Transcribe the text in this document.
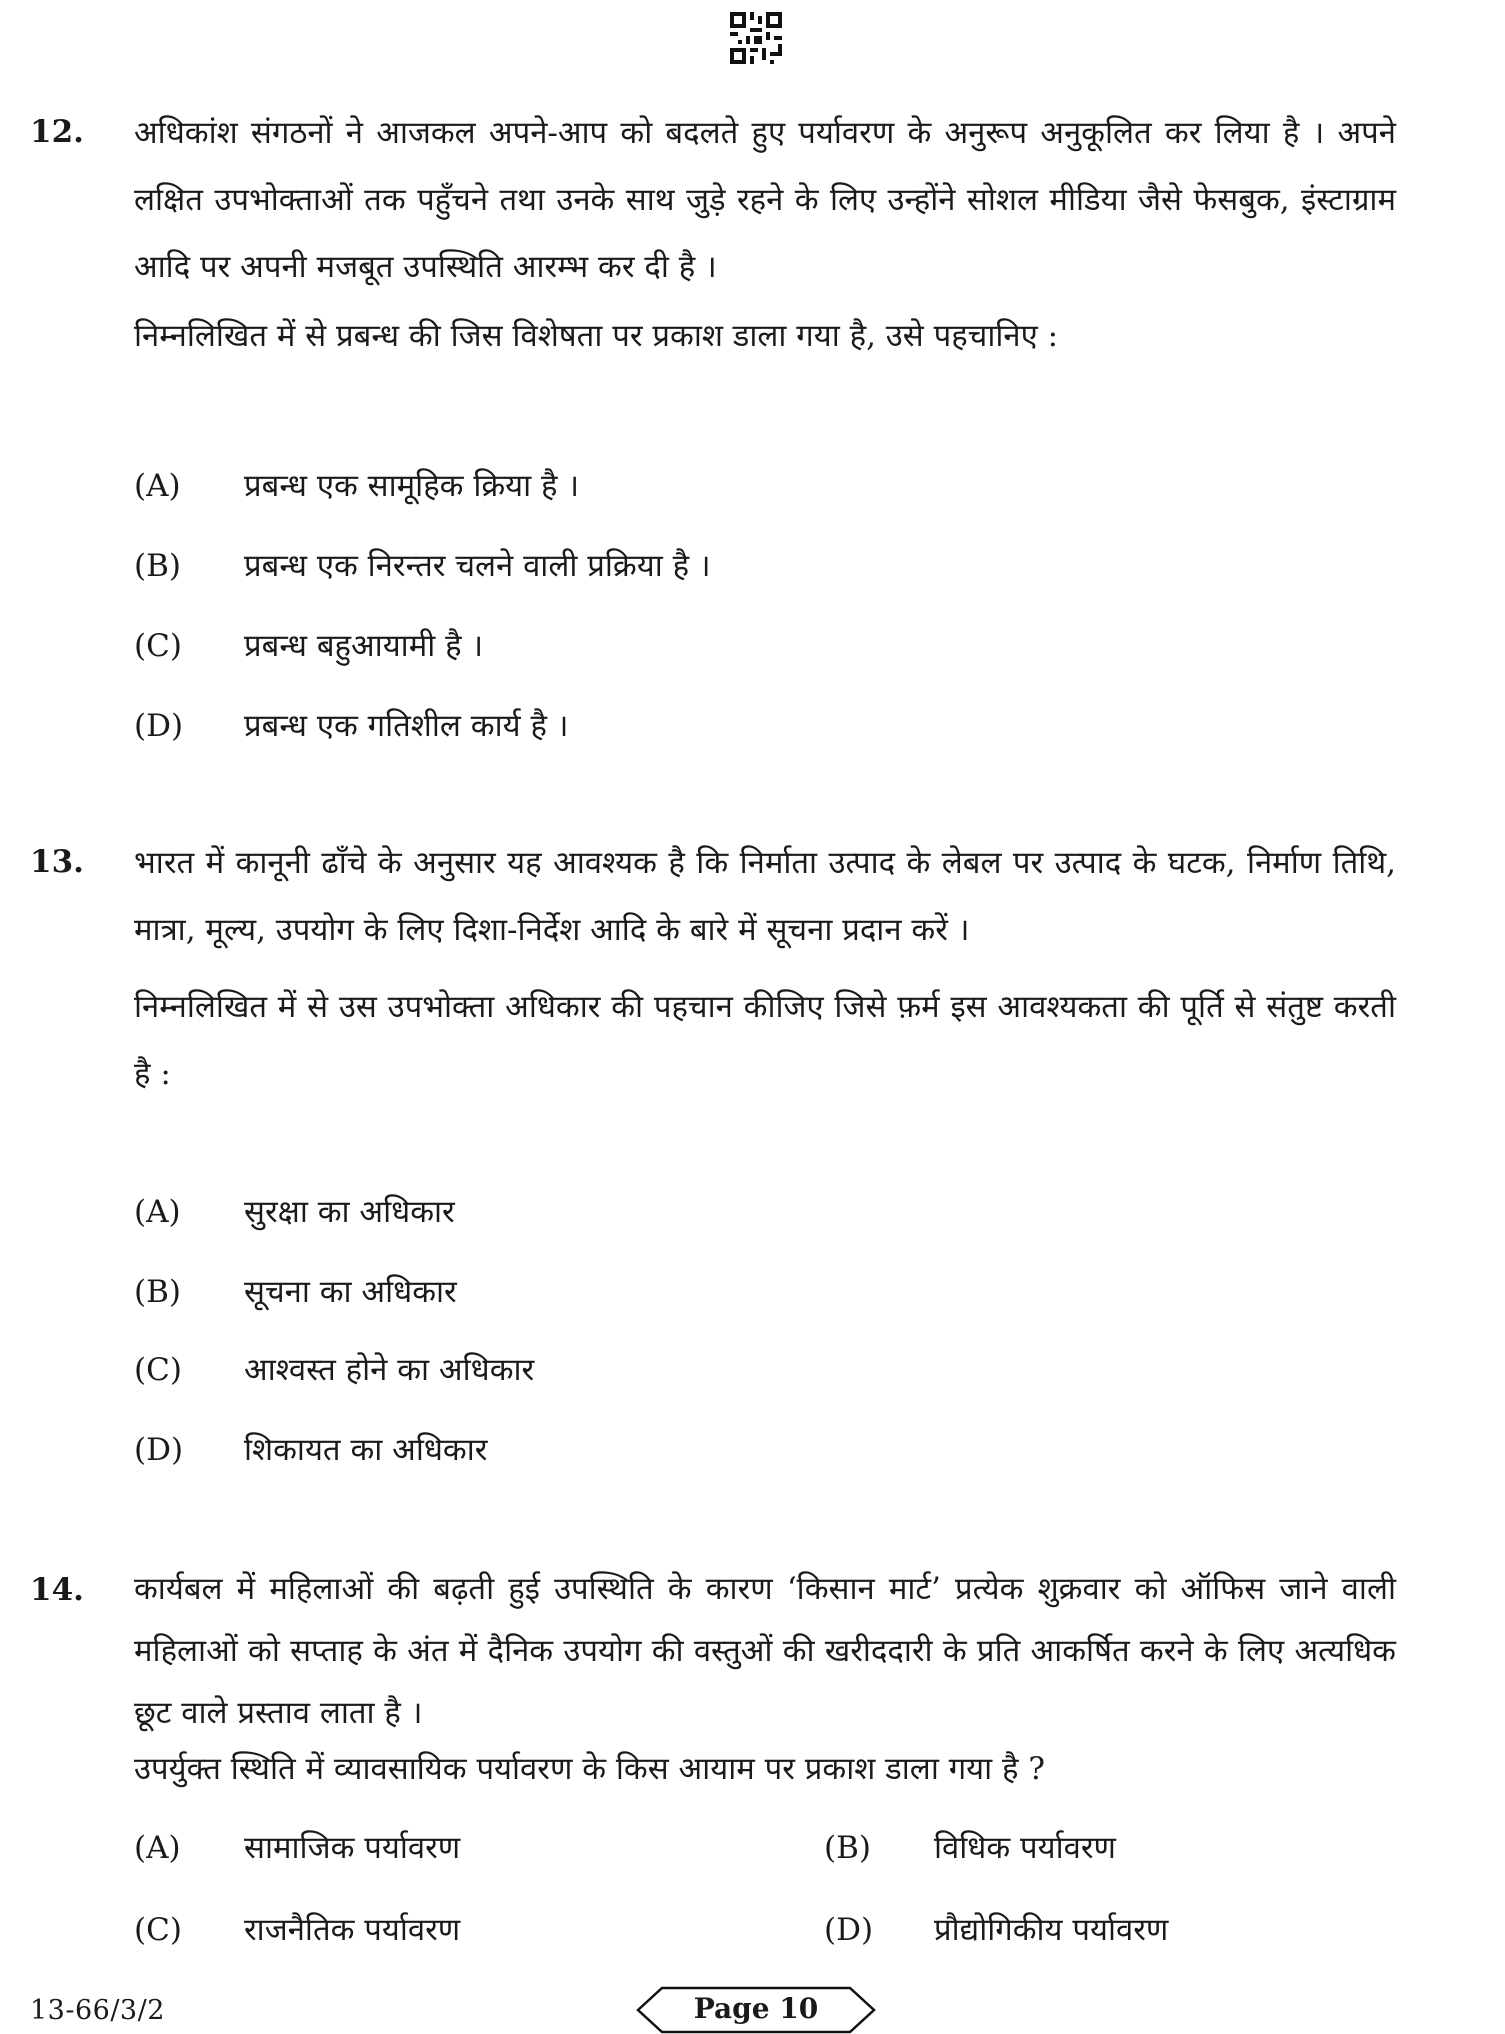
12. अधिकांश संगठनों ने आजकल अपने-आप को बदलते हुए पर्यावरण के अनुरूप अनुकूलित कर लिया है । अपने लक्षित उपभोक्ताओं तक पहुँचने तथा उनके साथ जुड़े रहने के लिए उन्होंने सोशल मीडिया जैसे फेसबुक, इंस्टाग्राम आदि पर अपनी मजबूत उपस्थिति आरम्भ कर दी है ।

निम्नलिखित में से प्रबन्ध की जिस विशेषता पर प्रकाश डाला गया है, उसे पहचानिए :

(A) प्रबन्ध एक सामूहिक क्रिया है ।
(B) प्रबन्ध एक निरन्तर चलने वाली प्रक्रिया है ।
(C) प्रबन्ध बहुआयामी है ।
(D) प्रबन्ध एक गतिशील कार्य है ।
13. भारत में कानूनी ढाँचे के अनुसार यह आवश्यक है कि निर्माता उत्पाद के लेबल पर उत्पाद के घटक, निर्माण तिथि, मात्रा, मूल्य, उपयोग के लिए दिशा-निर्देश आदि के बारे में सूचना प्रदान करें ।

निम्नलिखित में से उस उपभोक्ता अधिकार की पहचान कीजिए जिसे फ़र्म इस आवश्यकता की पूर्ति से संतुष्ट करती है :

(A) सुरक्षा का अधिकार
(B) सूचना का अधिकार
(C) आश्वस्त होने का अधिकार
(D) शिकायत का अधिकार
14. कार्यबल में महिलाओं की बढ़ती हुई उपस्थिति के कारण ‘किसान मार्ट’ प्रत्येक शुक्रवार को ऑफिस जाने वाली महिलाओं को सप्ताह के अंत में दैनिक उपयोग की वस्तुओं की खरीददारी के प्रति आकर्षित करने के लिए अत्यधिक छूट वाले प्रस्ताव लाता है ।

उपर्युक्त स्थिति में व्यावसायिक पर्यावरण के किस आयाम पर प्रकाश डाला गया है ?

(A) सामाजिक पर्यावरण	(B) विधिक पर्यावरण
(C) राजनैतिक पर्यावरण	(D) प्रौद्योगिकीय पर्यावरण
13-66/3/2	Page 10
